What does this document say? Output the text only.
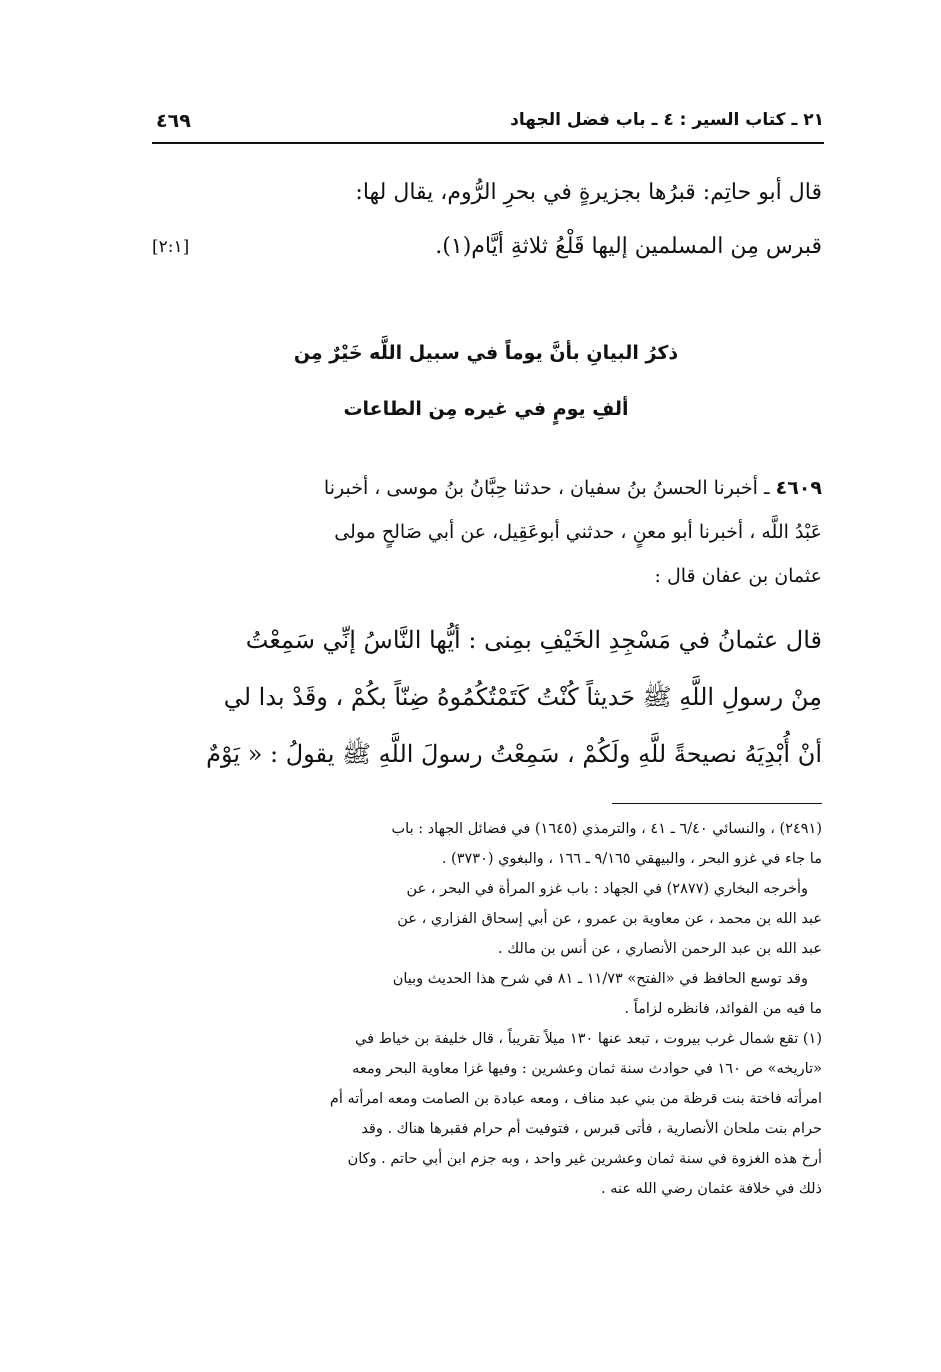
٤٦٩	٢١ ـ كتاب السير : ٤ ـ باب فضل الجهاد
قال أبو حاتِم: قبرُها بجزيرةٍ في بحرِ الرُّوم، يقال لها:
قبرس مِن المسلمين إليها قَلْعُ ثلاثةِ أيَّام(١).
[٢:١]
ذكرُ البيانِ بأنَّ يوماً في سبيل اللَّه خَيْرٌ مِن
ألفِ يومٍ في غيره مِن الطاعات
٤٦٠٩ ـ أخبرنا الحسنُ بنُ سفيان ، حدثنا حِبَّانُ بنُ موسى ، أخبرنا
عَبْدُ اللَّه ، أخبرنا أبو معنٍ ، حدثني أبوعَقِيل، عن أبي صَالحٍ مولى
عثمان بن عفان قال :
قال عثمانُ في مَسْجِدِ الخَيْفِ بمِنى : أيُّها النَّاسُ إنِّي سَمِعْتُ
مِنْ رسولِ اللَّهِ ﷺ حَديثاً كُنْتُ كَتَمْتُكُمُوهُ ضِنّاً بكُمْ ، وقَدْ بدا لي
أنْ أُبْدِيَهُ نصيحةً للَّهِ ولَكُمْ ، سَمِعْتُ رسولَ اللَّهِ ﷺ يقولُ : « يَوْمٌ
(٢٤٩١) ، والنسائي ٦/٤٠ ـ ٤١ ، والترمذي (١٦٤٥) في فضائل الجهاد : باب
ما جاء في غزو البحر ، والبيهقي ٩/١٦٥ ـ ١٦٦ ، والبغوي (٣٧٣٠) .
وأخرجه البخاري (٢٨٧٧) في الجهاد : باب غزو المرأة في البحر ، عن
عبد الله بن محمد ، عن معاوية بن عمرو ، عن أبي إسحاق الفزاري ، عن
عبد الله بن عبد الرحمن الأنصاري ، عن أنس بن مالك .
وقد توسع الحافظ في «الفتح» ١١/٧٣ ـ ٨١ في شرح هذا الحديث وبيان
ما فيه من الفوائد، فانظره لزاماً .
(١) تقع شمال غرب بيروت ، تبعد عنها ١٣٠ ميلاً تقريباً ، قال خليفة بن خياط في
«تاريخه» ص ١٦٠ في حوادث سنة ثمان وعشرين : وفيها غزا معاوية البحر ومعه
امرأته فاختة بنت قرظة من بني عبد مناف ، ومعه عبادة بن الصامت ومعه امرأته أم
حرام بنت ملحان الأنصارية ، فأتى قبرس ، فتوفيت أم حرام فقبرها هناك . وقد
أرخ هذه الغزوة في سنة ثمان وعشرين غير واحد ، وبه جزم ابن أبي حاتم . وكان
ذلك في خلافة عثمان رضي الله عنه .
